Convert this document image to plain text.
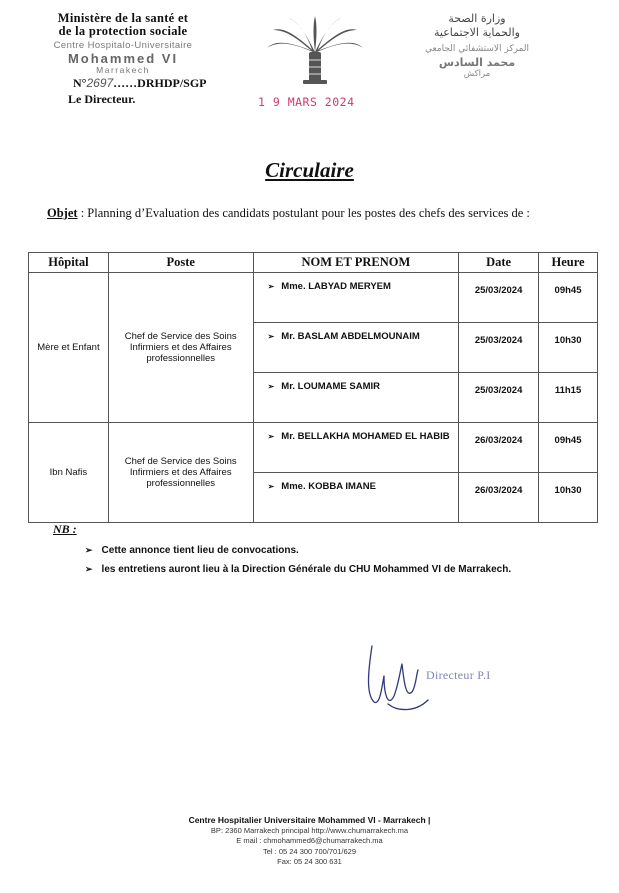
Ministère de la santé et
de la protection sociale
Centre Hospitalo-Universitaire
Mohammed VI
Marrakech
وزارة الصحة
والحماية الاجتماعية
المركز الاستشفائي الجامعي
محمد السادس
مراكش
N°2697……DRHDP/SGP
Le Directeur.	1 9 MARS 2024
Circulaire
Objet : Planning d’Evaluation des candidats postulant pour les postes des chefs des services de :
Hôpital	Poste	NOM ET PRENOM	Date	Heure
Mère et Enfant	Chef de Service des Soins Infirmiers et des Affaires professionnelles	➢ Mme. LABYAD MERYEM	25/03/2024	09h45
		➢ Mr. BASLAM ABDELMOUNAIM	25/03/2024	10h30
		➢ Mr. LOUMAME SAMIR	25/03/2024	11h15
Ibn Nafis	Chef de Service des Soins Infirmiers et des Affaires professionnelles	➢ Mr. BELLAKHA MOHAMED EL HABIB	26/03/2024	09h45
		➢ Mme. KOBBA IMANE	26/03/2024	10h30
NB :
➢ Cette annonce tient lieu de convocations.
➢ les entretiens auront lieu à la Direction Générale du CHU Mohammed VI de Marrakech.
Directeur P.I
Centre Hospitalier Universitaire Mohammed VI - Marrakech |
BP: 2360 Marrakech principal http://www.chumarrakech.ma
E mail : chmohammed6@chumarrakech.ma
Tel : 05 24 300 700/701/629
Fax: 05 24 300 631
